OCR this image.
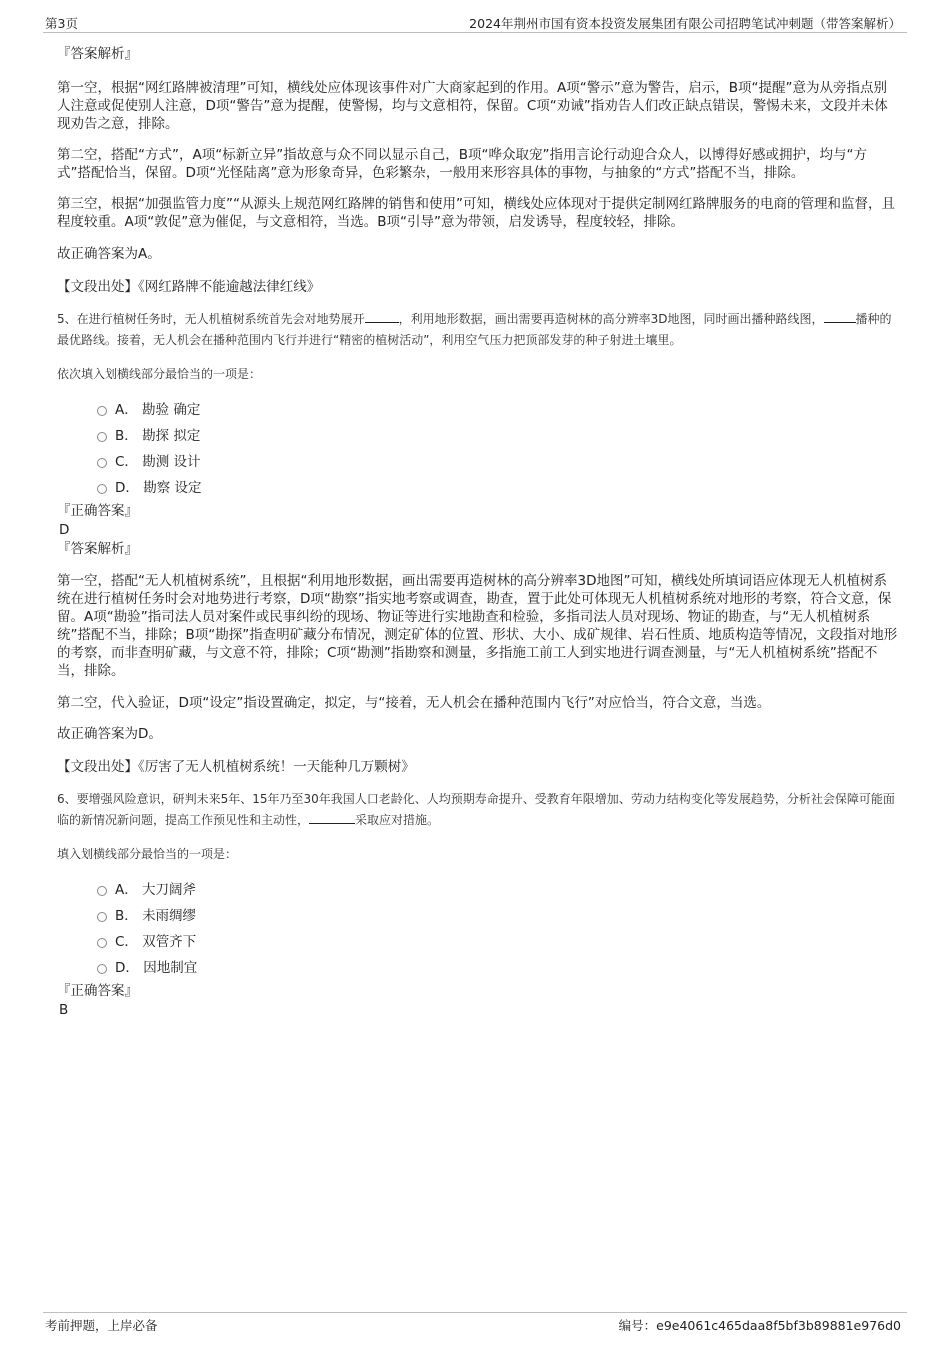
第3页	2024年荆州市国有资本投资发展集团有限公司招聘笔试冲刺题（带答案解析）

『答案解析』

第一空，根据“网红路牌被清理”可知，横线处应体现该事件对广大商家起到的作用。A项“警示”意为警告，启示，B项“提醒”意为从旁指点别人注意或促使别人注意，D项“警告”意为提醒，使警惕，均与文意相符，保留。C项“劝诫”指劝告人们改正缺点错误，警惕未来，文段并未体现劝告之意，排除。

第二空，搭配“方式”，A项“标新立异”指故意与众不同以显示自己，B项“哗众取宠”指用言论行动迎合众人，以博得好感或拥护，均与“方式”搭配恰当，保留。D项“光怪陆离”意为形象奇异，色彩繁杂，一般用来形容具体的事物，与抽象的“方式”搭配不当，排除。

第三空，根据“加强监管力度”“从源头上规范网红路牌的销售和使用”可知，横线处应体现对于提供定制网红路牌服务的电商的管理和监督，且程度较重。A项“敦促”意为催促，与文意相符，当选。B项“引导”意为带领，启发诱导，程度较轻，排除。

故正确答案为A。

【文段出处】《网红路牌不能逾越法律红线》

5、在进行植树任务时，无人机植树系统首先会对地势展开	，利用地形数据，画出需要再造树林的高分辨率3D地图，同时画出播种路线图，	播种的最优路线。接着，无人机会在播种范围内飞行并进行“精密的植树活动”，利用空气压力把顶部发芽的种子射进土壤里。

依次填入划横线部分最恰当的一项是：

A． 勘验 确定
B． 勘探 拟定
C． 勘测 设计
D． 勘察 设定

『正确答案』

D

『答案解析』

第一空，搭配“无人机植树系统”，且根据“利用地形数据，画出需要再造树林的高分辨率3D地图”可知，横线处所填词语应体现无人机植树系统在进行植树任务时会对地势进行考察，D项“勘察”指实地考察或调查，勘查，置于此处可体现无人机植树系统对地形的考察，符合文意，保留。A项“勘验”指司法人员对案件或民事纠纷的现场、物证等进行实地勘查和检验，多指司法人员对现场、物证的勘查，与“无人机植树系统”搭配不当，排除；B项“勘探”指查明矿藏分布情况，测定矿体的位置、形状、大小、成矿规律、岩石性质、地质构造等情况，文段指对地形的考察，而非查明矿藏，与文意不符，排除；C项“勘测”指勘察和测量，多指施工前工人到实地进行调查测量，与“无人机植树系统”搭配不当，排除。

第二空，代入验证，D项“设定”指设置确定，拟定，与“接着，无人机会在播种范围内飞行”对应恰当，符合文意，当选。

故正确答案为D。

【文段出处】《厉害了无人机植树系统！一天能种几万颗树》

6、要增强风险意识，研判未来5年、15年乃至30年我国人口老龄化、人均预期寿命提升、受教育年限增加、劳动力结构变化等发展趋势，分析社会保障可能面临的新情况新问题，提高工作预见性和主动性，	采取应对措施。

填入划横线部分最恰当的一项是：

A． 大刀阔斧
B． 未雨绸缪
C． 双管齐下
D． 因地制宜

『正确答案』

B

考前押题，上岸必备	编号：e9e4061c465daa8f5bf3b89881e976d0
